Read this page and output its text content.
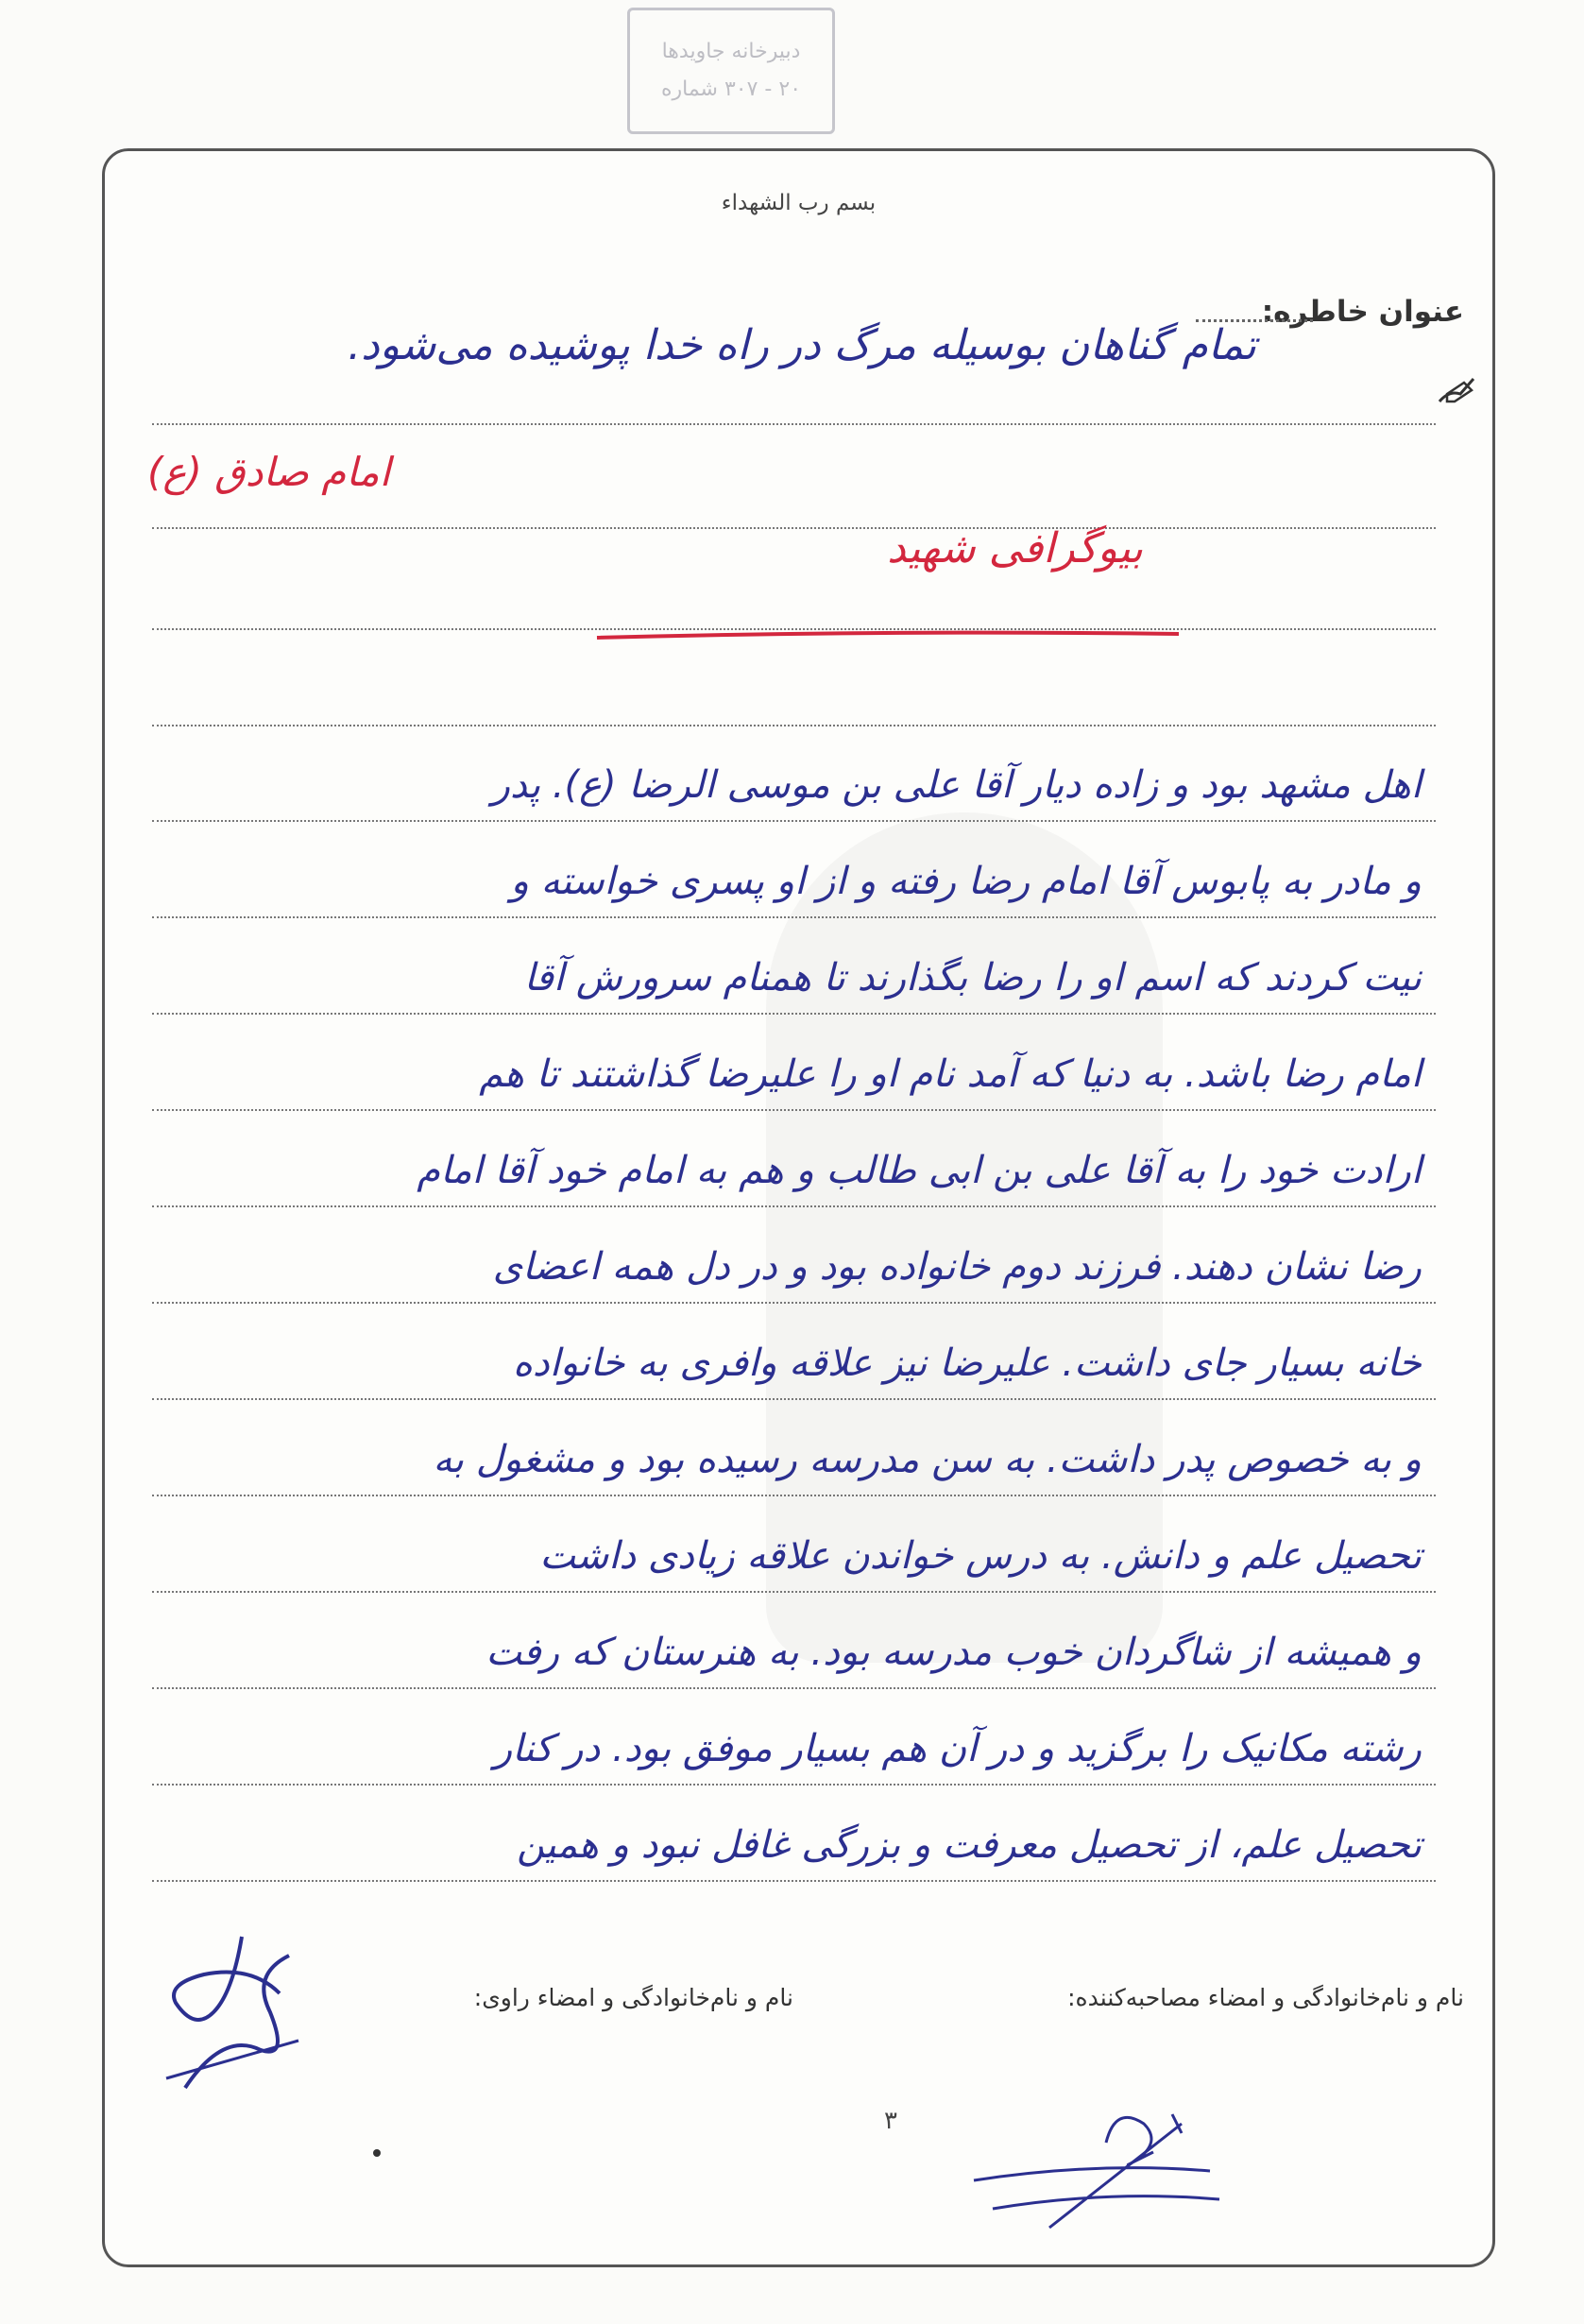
دبیرخانه جاویدها
۲۰ - ۳۰۷ شماره
بسم رب الشهداء
عنوان خاطره:
تمام گناهان بوسیله مرگ در راه خدا پوشیده می‌شود.
امام صادق (ع)
بیوگرافی شهید
اهل مشهد بود و زاده دیار آقا علی بن موسی الرضا (ع). پدر
و مادر به پابوس آقا امام رضا رفته و از او پسری خواسته و
نیت کردند که اسم او را رضا بگذارند تا همنام سرورش آقا
امام رضا باشد. به دنیا که آمد نام او را علیرضا گذاشتند تا هم
ارادت خود را به آقا علی بن ابی طالب و هم به امام خود آقا امام
رضا نشان دهند. فرزند دوم خانواده بود و در دل همه اعضای
خانه بسیار جای داشت. علیرضا نیز علاقه وافری به خانواده
و به خصوص پدر داشت. به سن مدرسه رسیده بود و مشغول به
تحصیل علم و دانش. به درس خواندن علاقه زیادی داشت
و همیشه از شاگردان خوب مدرسه بود. به هنرستان که رفت
رشته مکانیک را برگزید و در آن هم بسیار موفق بود. در کنار
تحصیل علم، از تحصیل معرفت و بزرگی غافل نبود و همین
نام و نام‌خانوادگی و امضاء مصاحبه‌کننده:
نام و نام‌خانوادگی و امضاء راوی:
۳
